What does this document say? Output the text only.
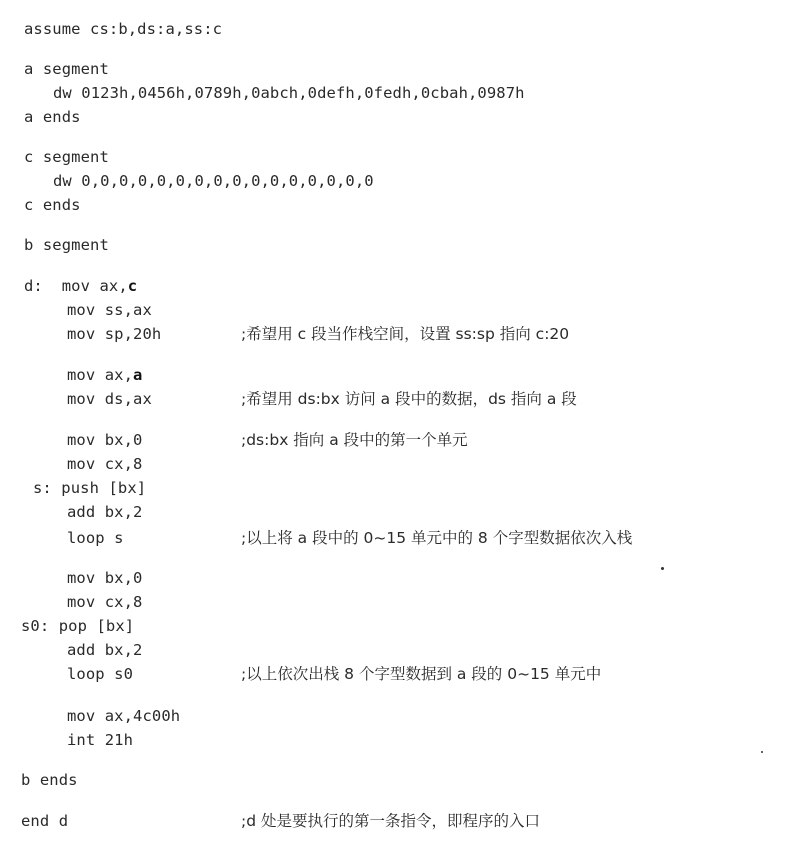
assume cs:b,ds:a,ss:c
a segment
dw 0123h,0456h,0789h,0abch,0defh,0fedh,0cbah,0987h
a ends
c segment
dw 0,0,0,0,0,0,0,0,0,0,0,0,0,0,0,0
c ends
b segment
d:  mov ax,c
mov ss,ax
mov sp,20h	;希望用 c 段当作栈空间，设置 ss:sp 指向 c:20
mov ax,a
mov ds,ax	;希望用 ds:bx 访问 a 段中的数据，ds 指向 a 段
mov bx,0	;ds:bx 指向 a 段中的第一个单元
mov cx,8
s: push [bx]
add bx,2
loop s	;以上将 a 段中的 0~15 单元中的 8 个字型数据依次入栈
mov bx,0
mov cx,8
s0: pop [bx]
add bx,2
loop s0	;以上依次出栈 8 个字型数据到 a 段的 0~15 单元中
mov ax,4c00h
int 21h
b ends
end d	;d 处是要执行的第一条指令，即程序的入口
